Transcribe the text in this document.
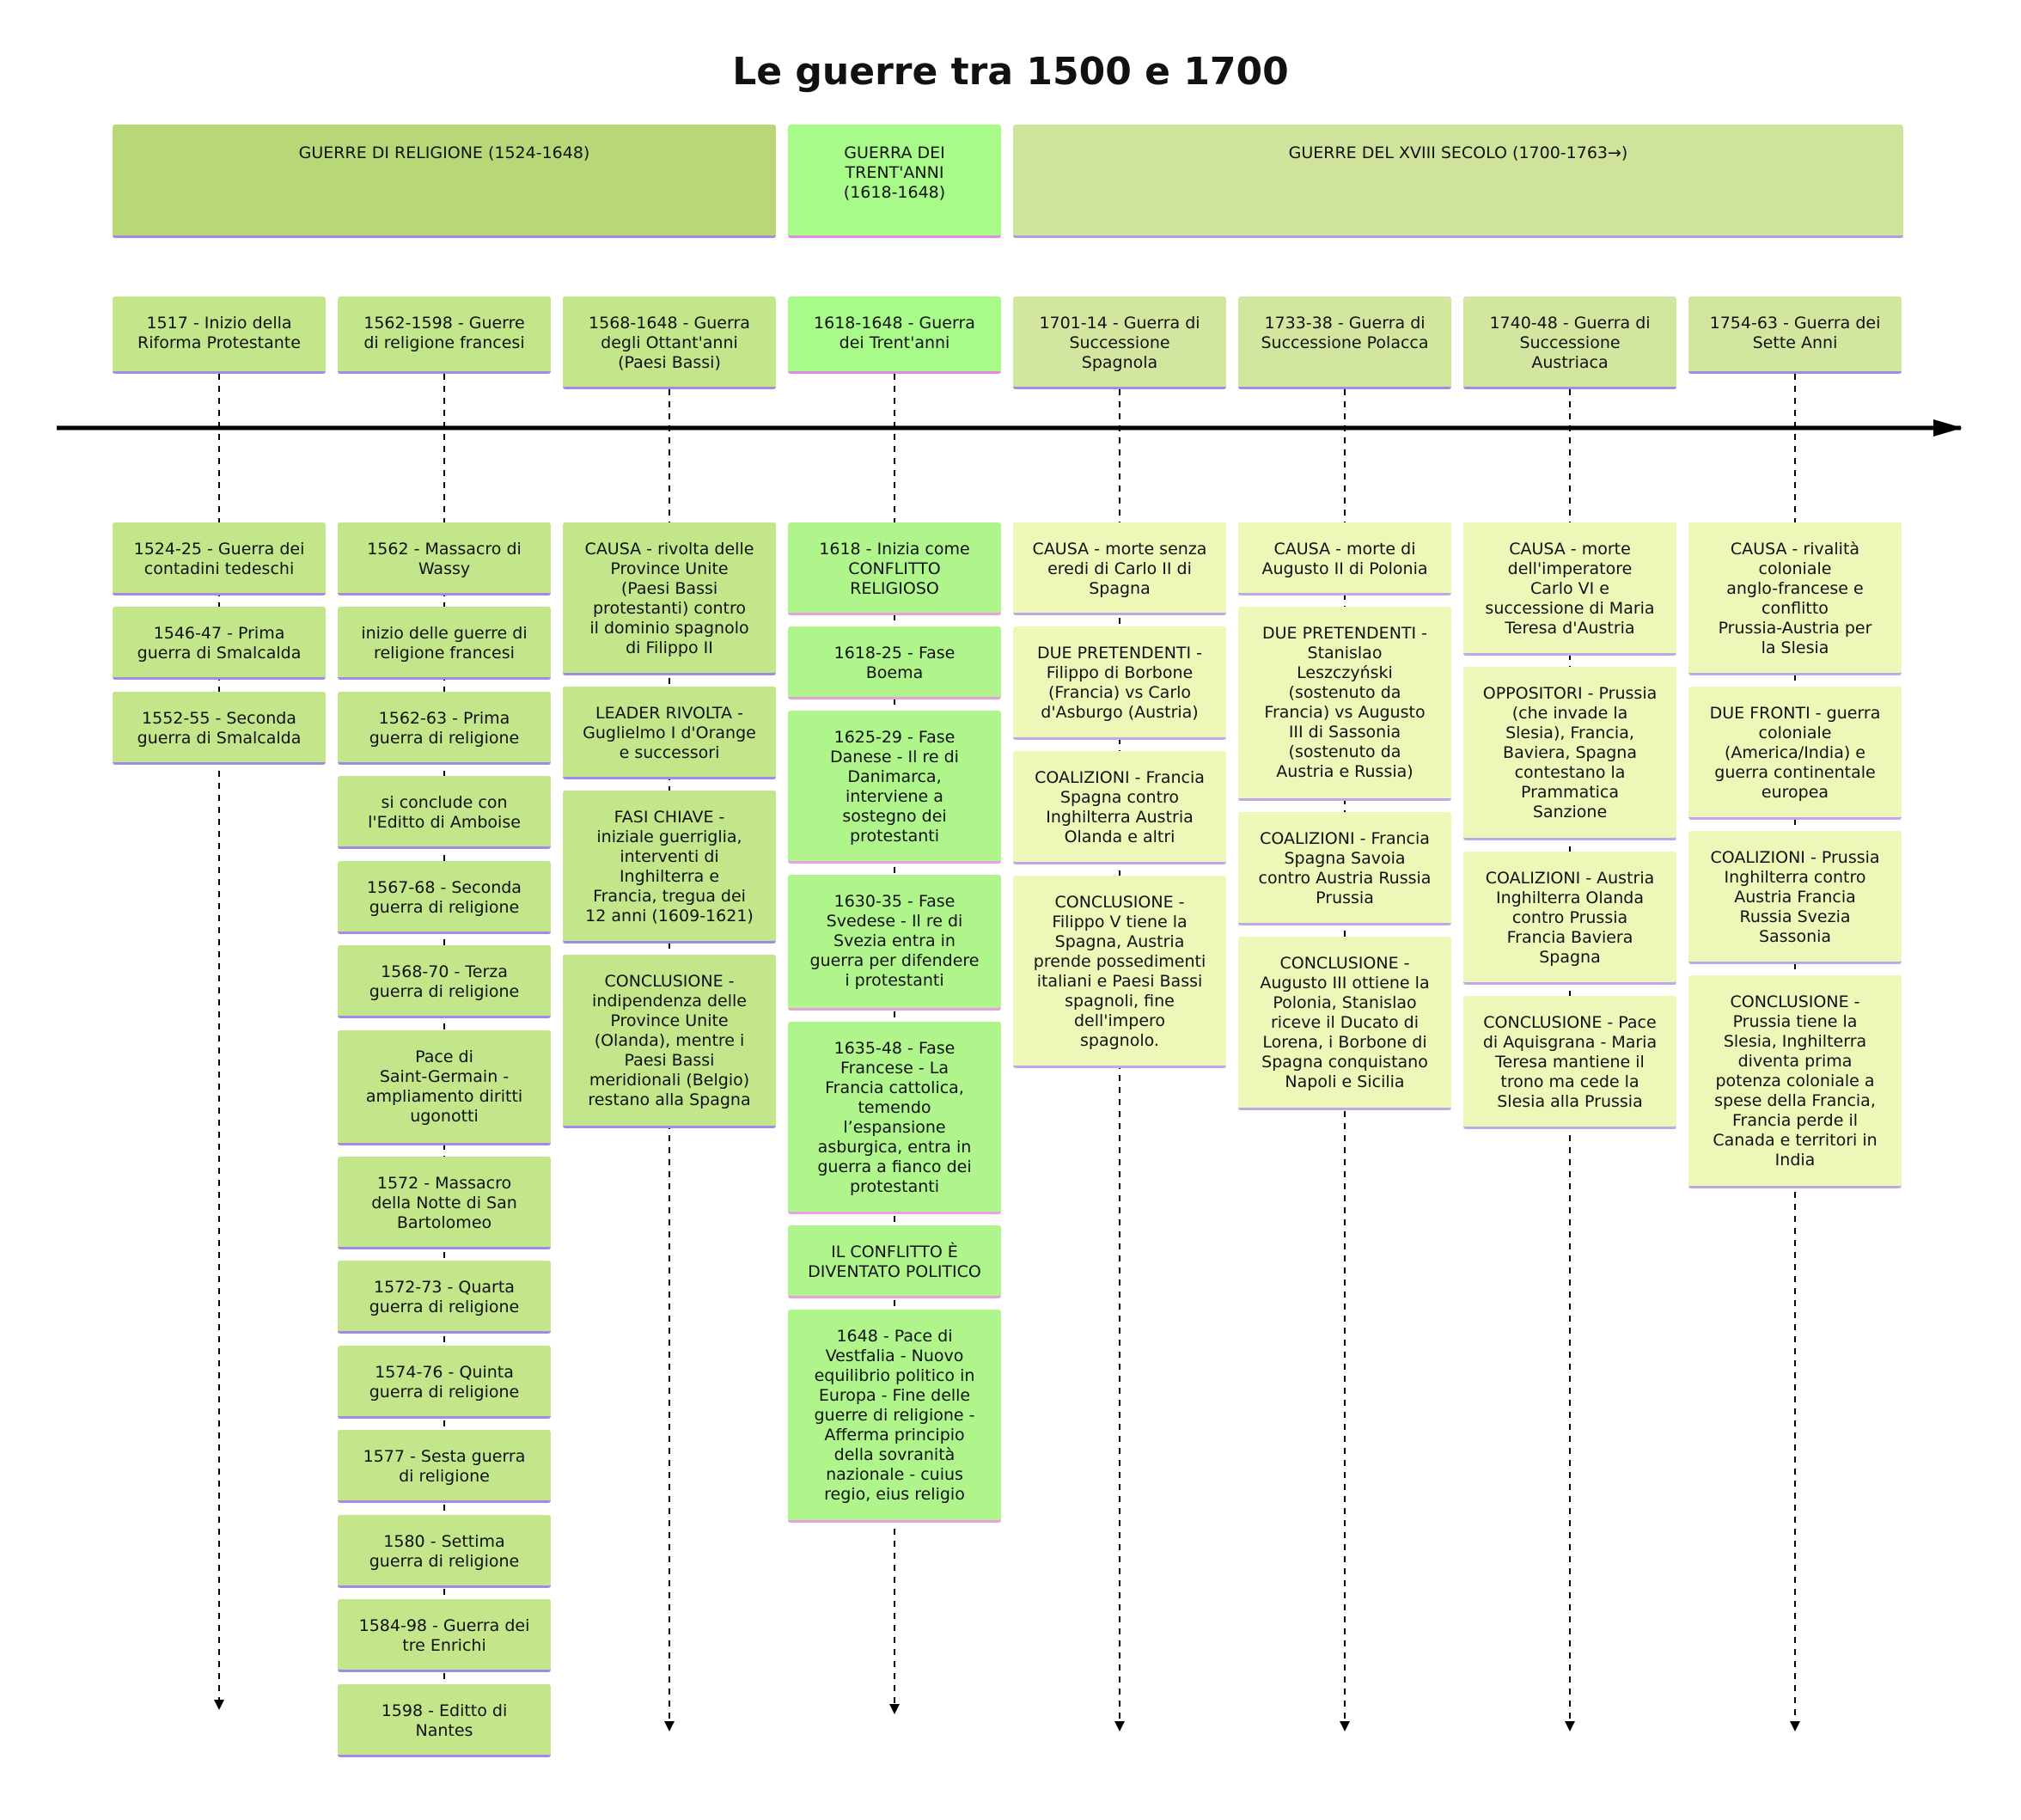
Le guerre tra 1500 e 1700
GUERRE DI RELIGIONE (1524-1648)	GUERRA DEI
TRENT'ANNI
(1618-1648)
GUERRE DEL XVIII SECOLO (1700-1763→)
1517 - Inizio della
Riforma Protestante
1524-25 - Guerra dei
contadini tedeschi
1546-47 - Prima
guerra di Smalcalda
1552-55 - Seconda
guerra di Smalcalda
1562-1598 - Guerre
di religione francesi
1562 - Massacro di
Wassy
inizio delle guerre di
religione francesi
1562-63 - Prima
guerra di religione
si conclude con
l'Editto di Amboise
1567-68 - Seconda
guerra di religione
1568-70 - Terza
guerra di religione
Pace di
Saint-Germain -
ampliamento diritti
ugonotti
1572 - Massacro
della Notte di San
Bartolomeo
1572-73 - Quarta
guerra di religione
1574-76 - Quinta
guerra di religione
1577 - Sesta guerra
di religione
1580 - Settima
guerra di religione
1584-98 - Guerra dei
tre Enrichi
1598 - Editto di
Nantes
1568-1648 - Guerra
degli Ottant'anni
(Paesi Bassi)
CAUSA - rivolta delle
Province Unite
(Paesi Bassi
protestanti) contro
il dominio spagnolo
di Filippo II
LEADER RIVOLTA -
Guglielmo I d'Orange
e successori
FASI CHIAVE -
iniziale guerriglia,
interventi di
Inghilterra e
Francia, tregua dei
12 anni (1609-1621)
CONCLUSIONE -
indipendenza delle
Province Unite
(Olanda), mentre i
Paesi Bassi
meridionali (Belgio)
restano alla Spagna
1618-1648 - Guerra
dei Trent'anni
1618 - Inizia come
CONFLITTO
RELIGIOSO
1618-25 - Fase
Boema
1625-29 - Fase
Danese - Il re di
Danimarca,
interviene a
sostegno dei
protestanti
1630-35 - Fase
Svedese - Il re di
Svezia entra in
guerra per difendere
i protestanti
1635-48 - Fase
Francese - La
Francia cattolica,
temendo
l’espansione
asburgica, entra in
guerra a fianco dei
protestanti
IL CONFLITTO È
DIVENTATO POLITICO
1648 - Pace di
Vestfalia - Nuovo
equilibrio politico in
Europa - Fine delle
guerre di religione -
Afferma principio
della sovranità
nazionale - cuius
regio, eius religio
1701-14 - Guerra di
Successione
Spagnola
CAUSA - morte senza
eredi di Carlo II di
Spagna
DUE PRETENDENTI -
Filippo di Borbone
(Francia) vs Carlo
d'Asburgo (Austria)
COALIZIONI - Francia
Spagna contro
Inghilterra Austria
Olanda e altri
CONCLUSIONE -
Filippo V tiene la
Spagna, Austria
prende possedimenti
italiani e Paesi Bassi
spagnoli, fine
dell'impero
spagnolo.
1733-38 - Guerra di
Successione Polacca
CAUSA - morte di
Augusto II di Polonia
DUE PRETENDENTI -
Stanislao
Leszczyński
(sostenuto da
Francia) vs Augusto
III di Sassonia
(sostenuto da
Austria e Russia)
COALIZIONI - Francia
Spagna Savoia
contro Austria Russia
Prussia
CONCLUSIONE -
Augusto III ottiene la
Polonia, Stanislao
riceve il Ducato di
Lorena, i Borbone di
Spagna conquistano
Napoli e Sicilia
1740-48 - Guerra di
Successione
Austriaca
CAUSA - morte
dell'imperatore
Carlo VI e
successione di Maria
Teresa d'Austria
OPPOSITORI - Prussia
(che invade la
Slesia), Francia,
Baviera, Spagna
contestano la
Prammatica
Sanzione
COALIZIONI - Austria
Inghilterra Olanda
contro Prussia
Francia Baviera
Spagna
CONCLUSIONE - Pace
di Aquisgrana - Maria
Teresa mantiene il
trono ma cede la
Slesia alla Prussia
1754-63 - Guerra dei
Sette Anni
CAUSA - rivalità
coloniale
anglo-francese e
conflitto
Prussia-Austria per
la Slesia
DUE FRONTI - guerra
coloniale
(America/India) e
guerra continentale
europea
COALIZIONI - Prussia
Inghilterra contro
Austria Francia
Russia Svezia
Sassonia
CONCLUSIONE -
Prussia tiene la
Slesia, Inghilterra
diventa prima
potenza coloniale a
spese della Francia,
Francia perde il
Canada e territori in
India
